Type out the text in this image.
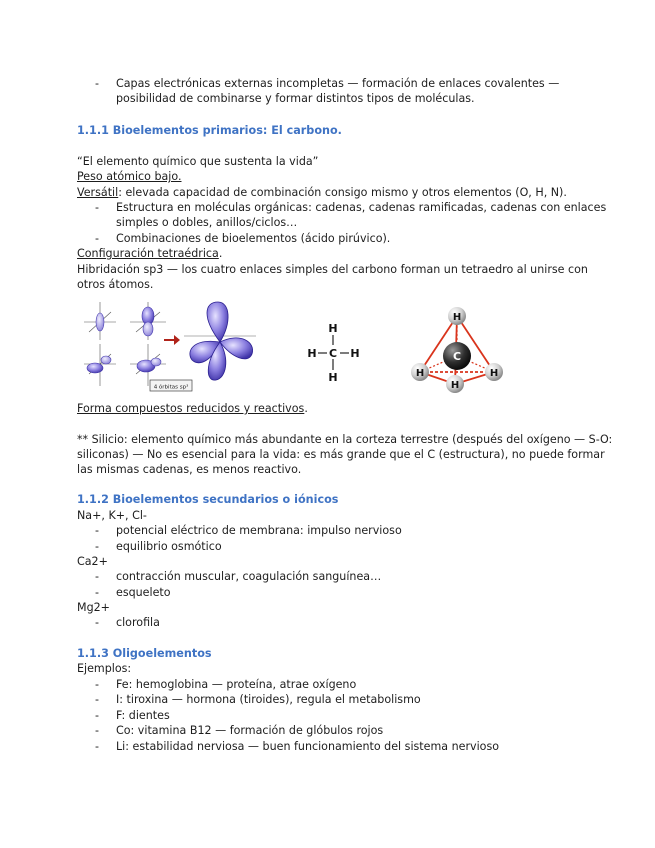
- Capas electrónicas externas incompletas — formación de enlaces covalentes —
posibilidad de combinarse y formar distintos tipos de moléculas.
1.1.1 Bioelementos primarios: El carbono.
“El elemento químico que sustenta la vida”
Peso atómico bajo.
Versátil: elevada capacidad de combinación consigo mismo y otros elementos (O, H, N).
- Estructura en moléculas orgánicas: cadenas, cadenas ramificadas, cadenas con enlaces
simples o dobles, anillos/ciclos…
- Combinaciones de bioelementos (ácido pirúvico).
Configuración tetraédrica.
Hibridación sp3 — los cuatro enlaces simples del carbono forman un tetraedro al unirse con
otros átomos.
4 órbitas sp³
H
H C H
H
H
C
H	H
H
Forma compuestos reducidos y reactivos.
** Silicio: elemento químico más abundante en la corteza terrestre (después del oxígeno — S-O:
siliconas) — No es esencial para la vida: es más grande que el C (estructura), no puede formar
las mismas cadenas, es menos reactivo.
1.1.2 Bioelementos secundarios o iónicos
Na+, K+, Cl-
- potencial eléctrico de membrana: impulso nervioso
- equilibrio osmótico
Ca2+
- contracción muscular, coagulación sanguínea…
- esqueleto
Mg2+
- clorofila
1.1.3 Oligoelementos
Ejemplos:
- Fe: hemoglobina — proteína, atrae oxígeno
- I: tiroxina — hormona (tiroides), regula el metabolismo
- F: dientes
- Co: vitamina B12 — formación de glóbulos rojos
- Li: estabilidad nerviosa — buen funcionamiento del sistema nervioso
